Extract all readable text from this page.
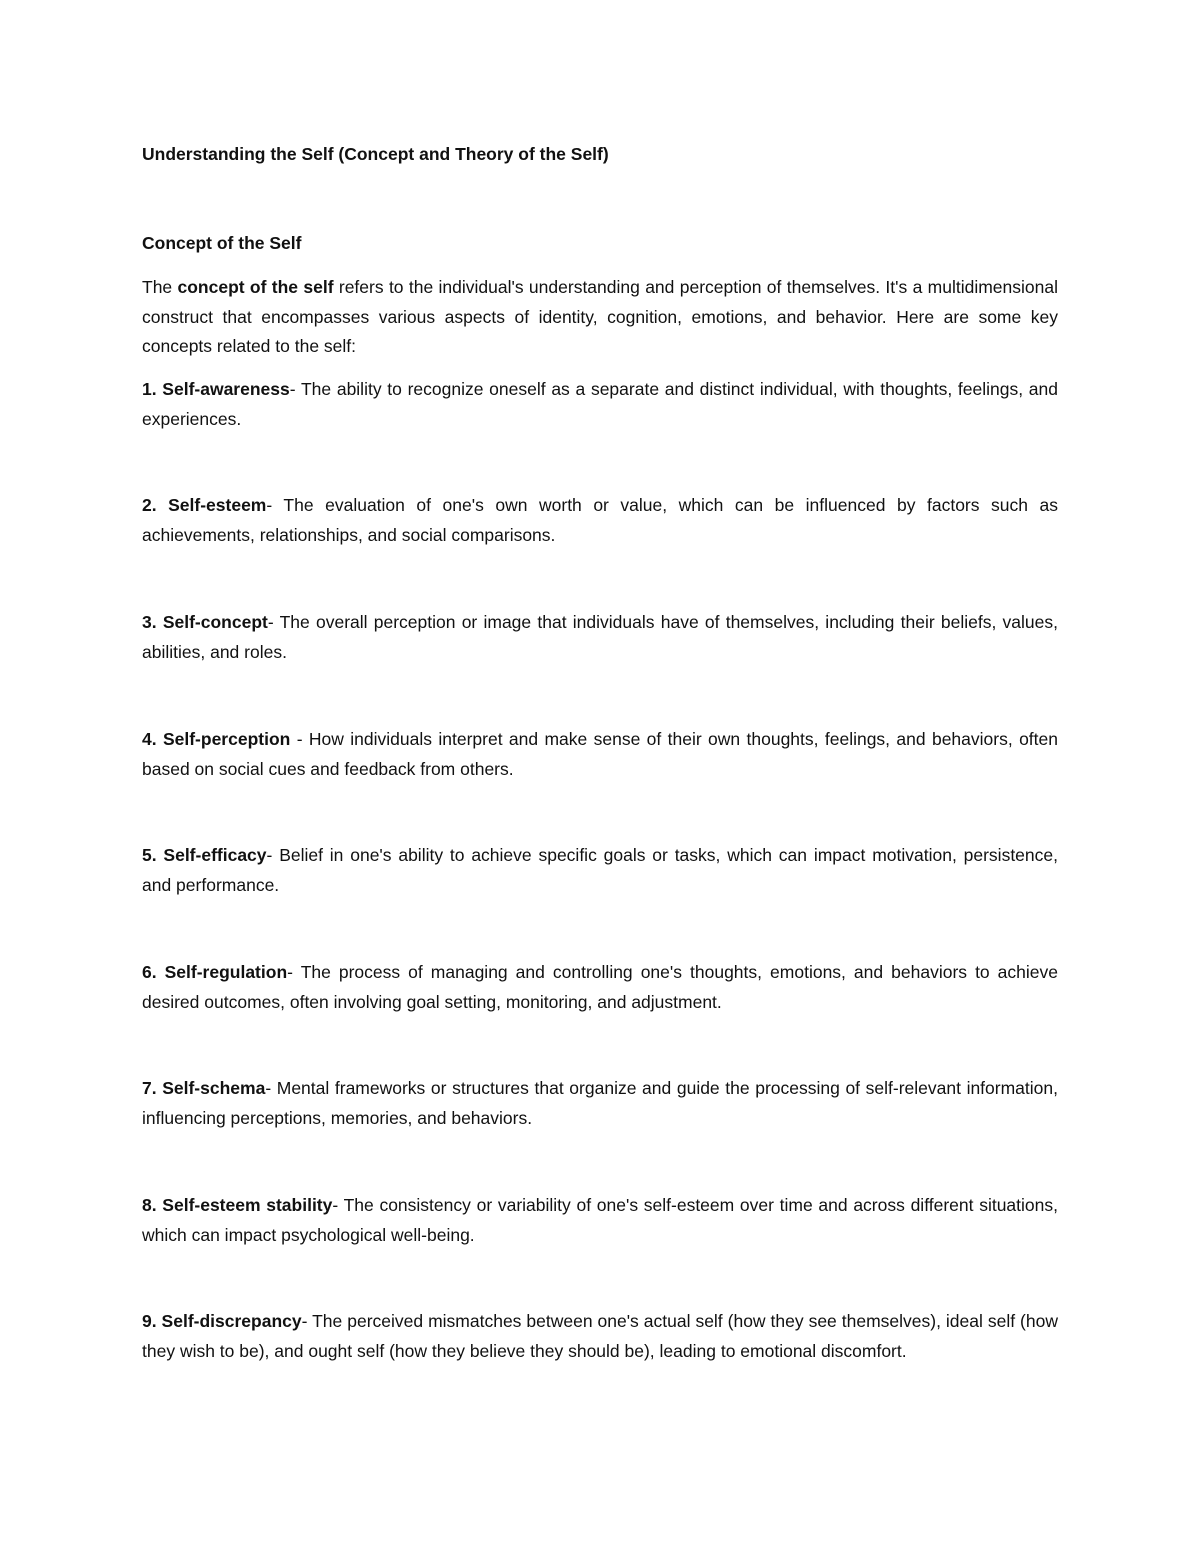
Understanding the Self (Concept and Theory of the Self)
Concept of the Self

The concept of the self refers to the individual's understanding and perception of themselves. It's a multidimensional construct that encompasses various aspects of identity, cognition, emotions, and behavior. Here are some key concepts related to the self:

1. Self-awareness- The ability to recognize oneself as a separate and distinct individual, with thoughts, feelings, and experiences.

2. Self-esteem- The evaluation of one's own worth or value, which can be influenced by factors such as achievements, relationships, and social comparisons.

3. Self-concept- The overall perception or image that individuals have of themselves, including their beliefs, values, abilities, and roles.

4. Self-perception - How individuals interpret and make sense of their own thoughts, feelings, and behaviors, often based on social cues and feedback from others.

5. Self-efficacy- Belief in one's ability to achieve specific goals or tasks, which can impact motivation, persistence, and performance.

6. Self-regulation- The process of managing and controlling one's thoughts, emotions, and behaviors to achieve desired outcomes, often involving goal setting, monitoring, and adjustment.

7. Self-schema- Mental frameworks or structures that organize and guide the processing of self-relevant information, influencing perceptions, memories, and behaviors.

8. Self-esteem stability- The consistency or variability of one's self-esteem over time and across different situations, which can impact psychological well-being.

9. Self-discrepancy- The perceived mismatches between one's actual self (how they see themselves), ideal self (how they wish to be), and ought self (how they believe they should be), leading to emotional discomfort.
